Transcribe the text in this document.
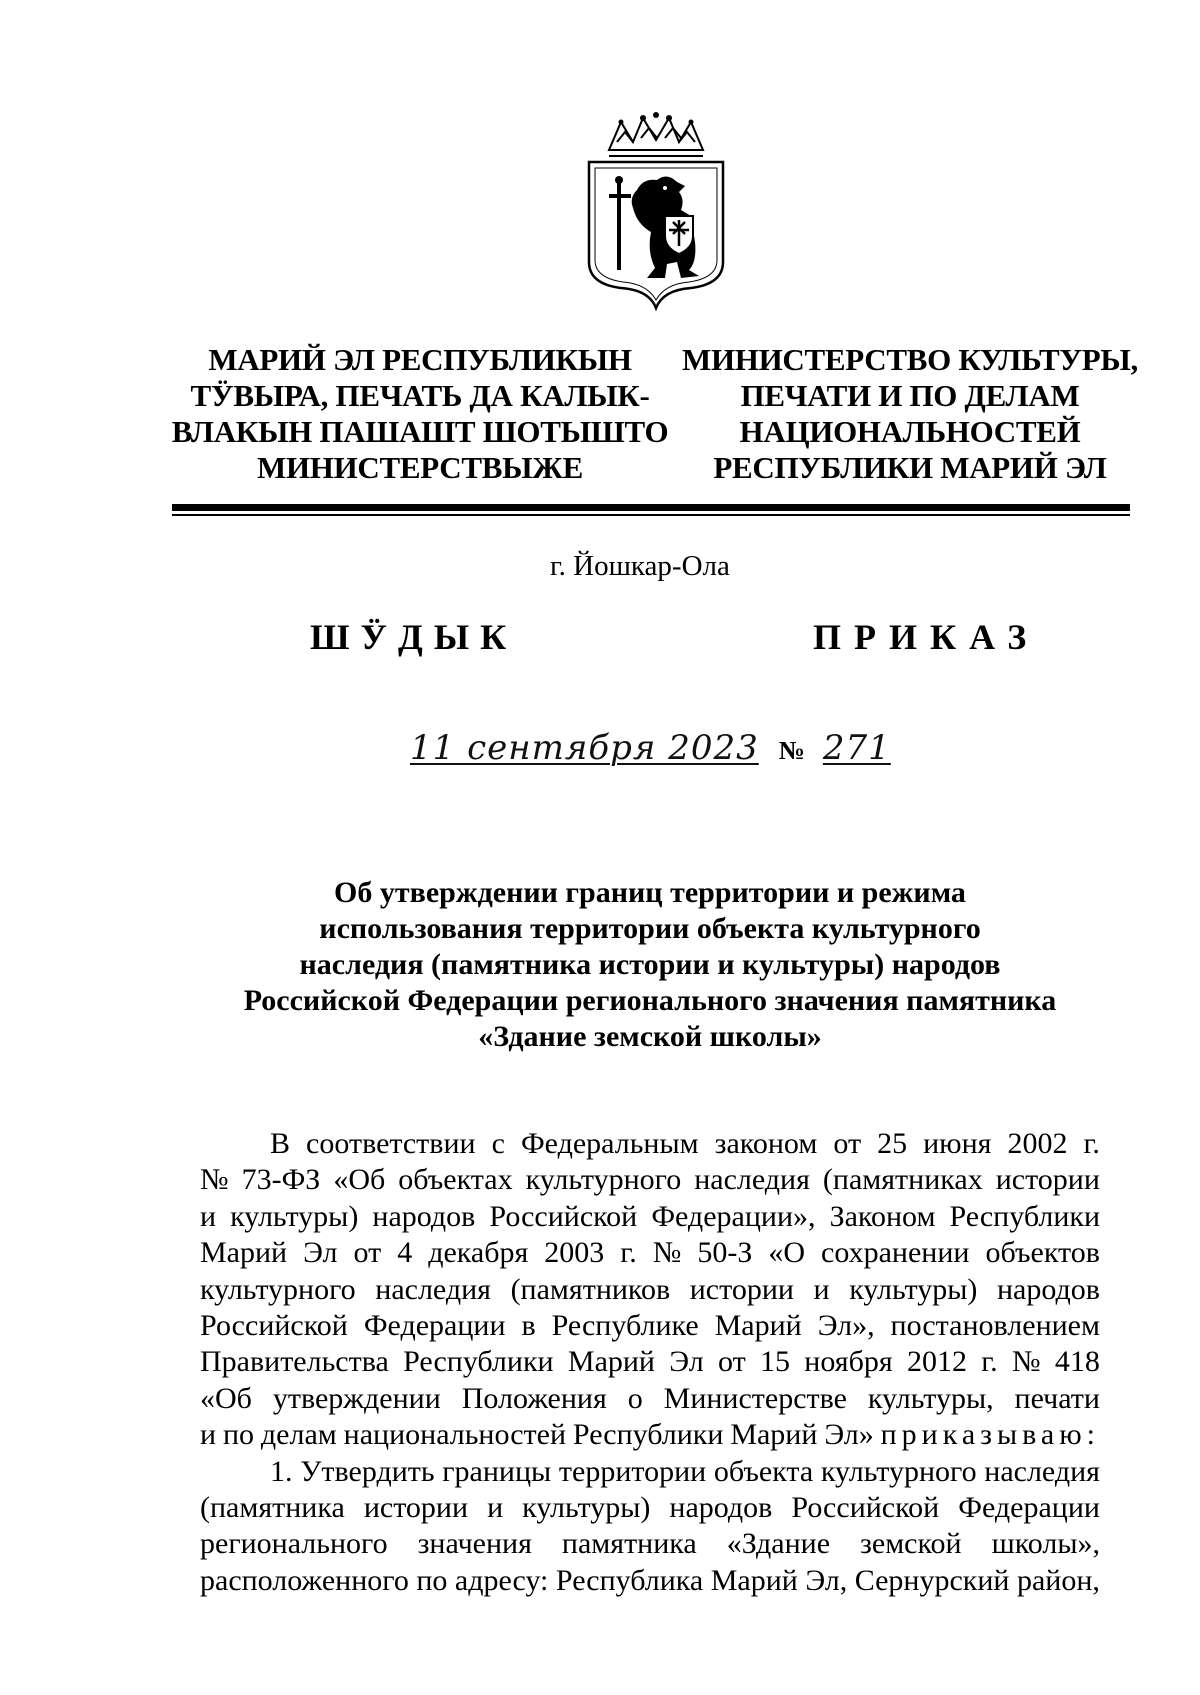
МАРИЙ ЭЛ РЕСПУБЛИКЫН
ТӰВЫРА, ПЕЧАТЬ ДА КАЛЫК-
ВЛАКЫН ПАШАШТ ШОТЫШТО
МИНИСТЕРСТВЫЖЕ
МИНИСТЕРСТВО КУЛЬТУРЫ,
ПЕЧАТИ И ПО ДЕЛАМ
НАЦИОНАЛЬНОСТЕЙ
РЕСПУБЛИКИ МАРИЙ ЭЛ
г. Йошкар-Ола
ШӰДЫК	ПРИКАЗ
11 сентября 2023 № 271
Об утверждении границ территории и режима
использования территории объекта культурного
наследия (памятника истории и культуры) народов
Российской Федерации регионального значения памятника
«Здание земской школы»
В соответствии с Федеральным законом от 25 июня 2002 г.
№ 73-ФЗ «Об объектах культурного наследия (памятниках истории
и культуры) народов Российской Федерации», Законом Республики
Марий Эл от 4 декабря 2003 г. № 50-З «О сохранении объектов
культурного наследия (памятников истории и культуры) народов
Российской Федерации в Республике Марий Эл», постановлением
Правительства Республики Марий Эл от 15 ноября 2012 г. № 418
«Об утверждении Положения о Министерстве культуры, печати
и по делам национальностей Республики Марий Эл» приказываю:
1. Утвердить границы территории объекта культурного наследия
(памятника истории и культуры) народов Российской Федерации
регионального значения памятника «Здание земской школы»,
расположенного по адресу: Республика Марий Эл, Сернурский район,
